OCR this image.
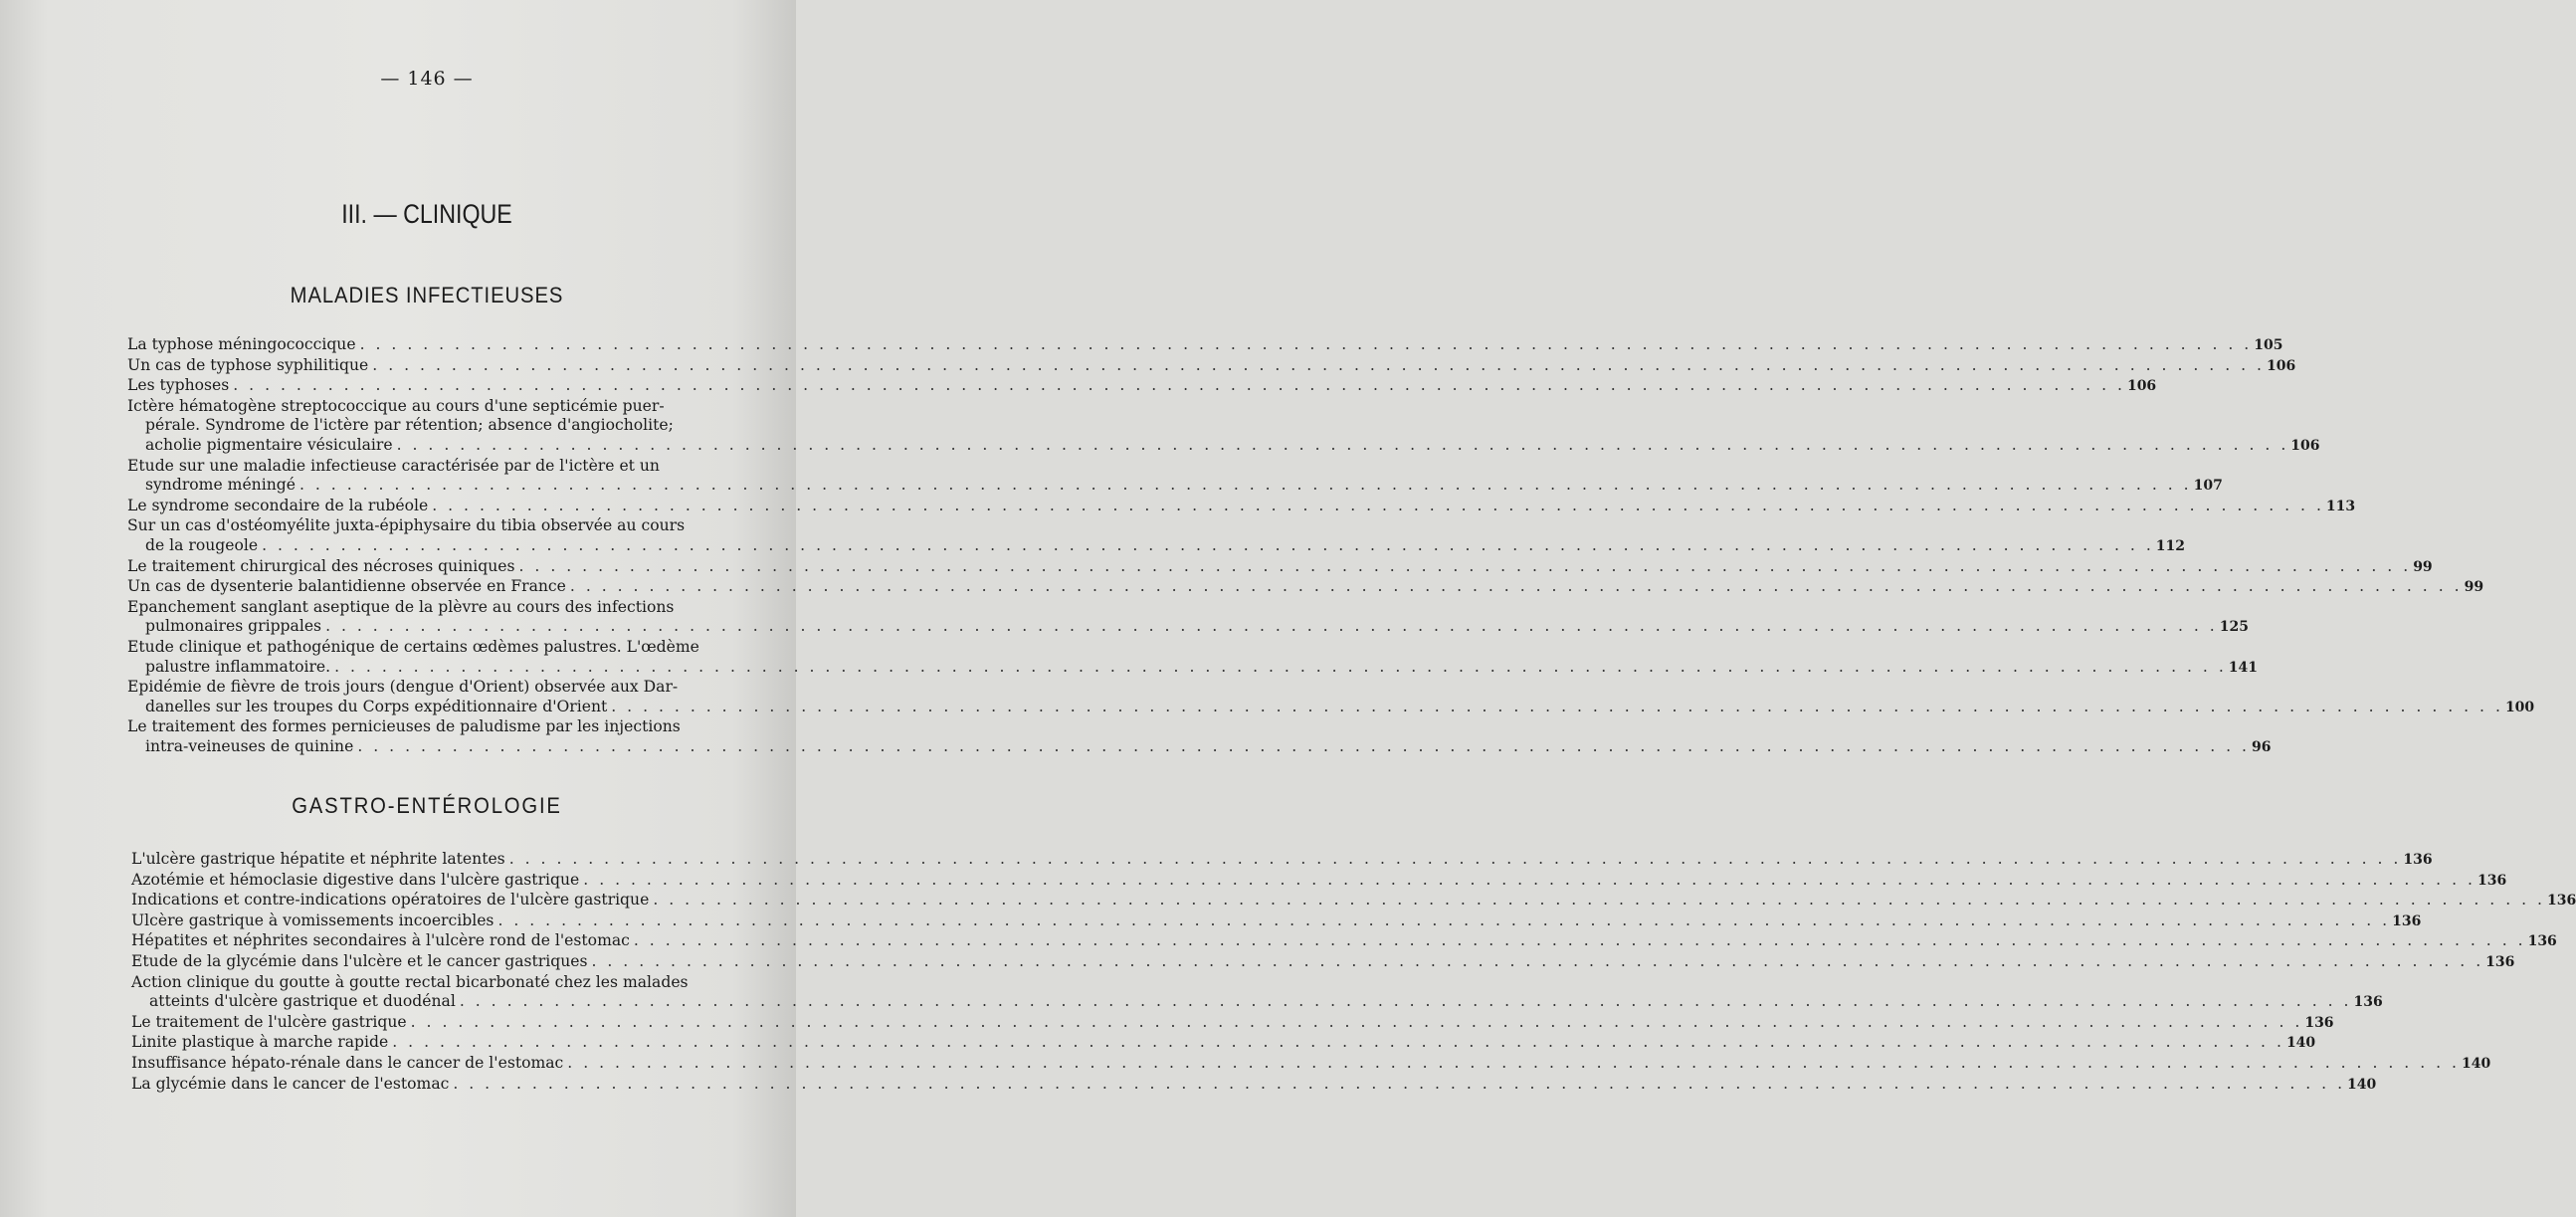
— 146 —
III. — CLINIQUE
MALADIES INFECTIEUSES
La typhose méningococcique . . . . . . . . . . . . . . . . . . . . . . . . . . . . . . . . . . . . . . . . . . . . . . . . . . . . . . . . . . . . . . . . . . . . . . . . . . . . . . . . . . . . . . . . . . . . . . . . . . . . . . . . . . . . . . . . . . . . . . . . 105
Un cas de typhose syphilitique . . . . . . . . . . . . . . . . . . . . . . . . . . . . . . . . . . . . . . . . . . . . . . . . . . . . . . . . . . . . . . . . . . . . . . . . . . . . . . . . . . . . . . . . . . . . . . . . . . . . . . . . . . . . . . . . . . . . . . . . 106
Les typhoses . . . . . . . . . . . . . . . . . . . . . . . . . . . . . . . . . . . . . . . . . . . . . . . . . . . . . . . . . . . . . . . . . . . . . . . . . . . . . . . . . . . . . . . . . . . . . . . . . . . . . . . . . . . . . . . . . . . . . . . . 106
Ictère hématogène streptococcique au cours d'une septicémie puer-
pérale. Syndrome de l'ictère par rétention; absence d'angiocholite;
acholie pigmentaire vésiculaire . . . . . . . . . . . . . . . . . . . . . . . . . . . . . . . . . . . . . . . . . . . . . . . . . . . . . . . . . . . . . . . . . . . . . . . . . . . . . . . . . . . . . . . . . . . . . . . . . . . . . . . . . . . . . . . . . . . . . . . . 106
Etude sur une maladie infectieuse caractérisée par de l'ictère et un
syndrome méningé . . . . . . . . . . . . . . . . . . . . . . . . . . . . . . . . . . . . . . . . . . . . . . . . . . . . . . . . . . . . . . . . . . . . . . . . . . . . . . . . . . . . . . . . . . . . . . . . . . . . . . . . . . . . . . . . . . . . . . . . 107
Le syndrome secondaire de la rubéole . . . . . . . . . . . . . . . . . . . . . . . . . . . . . . . . . . . . . . . . . . . . . . . . . . . . . . . . . . . . . . . . . . . . . . . . . . . . . . . . . . . . . . . . . . . . . . . . . . . . . . . . . . . . . . . . . . . . . . . . 113
Sur un cas d'ostéomyélite juxta-épiphysaire du tibia observée au cours
de la rougeole . . . . . . . . . . . . . . . . . . . . . . . . . . . . . . . . . . . . . . . . . . . . . . . . . . . . . . . . . . . . . . . . . . . . . . . . . . . . . . . . . . . . . . . . . . . . . . . . . . . . . . . . . . . . . . . . . . . . . . . . 112
Le traitement chirurgical des nécroses quiniques . . . . . . . . . . . . . . . . . . . . . . . . . . . . . . . . . . . . . . . . . . . . . . . . . . . . . . . . . . . . . . . . . . . . . . . . . . . . . . . . . . . . . . . . . . . . . . . . . . . . . . . . . . . . . . . . . . . . . . . . 99
Un cas de dysenterie balantidienne observée en France . . . . . . . . . . . . . . . . . . . . . . . . . . . . . . . . . . . . . . . . . . . . . . . . . . . . . . . . . . . . . . . . . . . . . . . . . . . . . . . . . . . . . . . . . . . . . . . . . . . . . . . . . . . . . . . . . . . . . . . . 99
Epanchement sanglant aseptique de la plèvre au cours des infections
pulmonaires grippales . . . . . . . . . . . . . . . . . . . . . . . . . . . . . . . . . . . . . . . . . . . . . . . . . . . . . . . . . . . . . . . . . . . . . . . . . . . . . . . . . . . . . . . . . . . . . . . . . . . . . . . . . . . . . . . . . . . . . . . . 125
Etude clinique et pathogénique de certains œdèmes palustres. L'œdème
palustre inflammatoire. . . . . . . . . . . . . . . . . . . . . . . . . . . . . . . . . . . . . . . . . . . . . . . . . . . . . . . . . . . . . . . . . . . . . . . . . . . . . . . . . . . . . . . . . . . . . . . . . . . . . . . . . . . . . . . . . . . . . . . . . 141
Epidémie de fièvre de trois jours (dengue d'Orient) observée aux Dar-
danelles sur les troupes du Corps expéditionnaire d'Orient . . . . . . . . . . . . . . . . . . . . . . . . . . . . . . . . . . . . . . . . . . . . . . . . . . . . . . . . . . . . . . . . . . . . . . . . . . . . . . . . . . . . . . . . . . . . . . . . . . . . . . . . . . . . . . . . . . . . . . . . 100
Le traitement des formes pernicieuses de paludisme par les injections
intra-veineuses de quinine . . . . . . . . . . . . . . . . . . . . . . . . . . . . . . . . . . . . . . . . . . . . . . . . . . . . . . . . . . . . . . . . . . . . . . . . . . . . . . . . . . . . . . . . . . . . . . . . . . . . . . . . . . . . . . . . . . . . . . . . 96
GASTRO-ENTÉROLOGIE
L'ulcère gastrique hépatite et néphrite latentes . . . . . . . . . . . . . . . . . . . . . . . . . . . . . . . . . . . . . . . . . . . . . . . . . . . . . . . . . . . . . . . . . . . . . . . . . . . . . . . . . . . . . . . . . . . . . . . . . . . . . . . . . . . . . . . . . . . . . . . . 136
Azotémie et hémoclasie digestive dans l'ulcère gastrique . . . . . . . . . . . . . . . . . . . . . . . . . . . . . . . . . . . . . . . . . . . . . . . . . . . . . . . . . . . . . . . . . . . . . . . . . . . . . . . . . . . . . . . . . . . . . . . . . . . . . . . . . . . . . . . . . . . . . . . . 136
Indications et contre-indications opératoires de l'ulcère gastrique . . . . . . . . . . . . . . . . . . . . . . . . . . . . . . . . . . . . . . . . . . . . . . . . . . . . . . . . . . . . . . . . . . . . . . . . . . . . . . . . . . . . . . . . . . . . . . . . . . . . . . . . . . . . . . . . . . . . . . . . 136
Ulcère gastrique à vomissements incoercibles . . . . . . . . . . . . . . . . . . . . . . . . . . . . . . . . . . . . . . . . . . . . . . . . . . . . . . . . . . . . . . . . . . . . . . . . . . . . . . . . . . . . . . . . . . . . . . . . . . . . . . . . . . . . . . . . . . . . . . . . 136
Hépatites et néphrites secondaires à l'ulcère rond de l'estomac . . . . . . . . . . . . . . . . . . . . . . . . . . . . . . . . . . . . . . . . . . . . . . . . . . . . . . . . . . . . . . . . . . . . . . . . . . . . . . . . . . . . . . . . . . . . . . . . . . . . . . . . . . . . . . . . . . . . . . . . 136
Etude de la glycémie dans l'ulcère et le cancer gastriques . . . . . . . . . . . . . . . . . . . . . . . . . . . . . . . . . . . . . . . . . . . . . . . . . . . . . . . . . . . . . . . . . . . . . . . . . . . . . . . . . . . . . . . . . . . . . . . . . . . . . . . . . . . . . . . . . . . . . . . . 136
Action clinique du goutte à goutte rectal bicarbonaté chez les malades
atteints d'ulcère gastrique et duodénal . . . . . . . . . . . . . . . . . . . . . . . . . . . . . . . . . . . . . . . . . . . . . . . . . . . . . . . . . . . . . . . . . . . . . . . . . . . . . . . . . . . . . . . . . . . . . . . . . . . . . . . . . . . . . . . . . . . . . . . . 136
Le traitement de l'ulcère gastrique . . . . . . . . . . . . . . . . . . . . . . . . . . . . . . . . . . . . . . . . . . . . . . . . . . . . . . . . . . . . . . . . . . . . . . . . . . . . . . . . . . . . . . . . . . . . . . . . . . . . . . . . . . . . . . . . . . . . . . . . 136
Linite plastique à marche rapide . . . . . . . . . . . . . . . . . . . . . . . . . . . . . . . . . . . . . . . . . . . . . . . . . . . . . . . . . . . . . . . . . . . . . . . . . . . . . . . . . . . . . . . . . . . . . . . . . . . . . . . . . . . . . . . . . . . . . . . . 140
Insuffisance hépato-rénale dans le cancer de l'estomac . . . . . . . . . . . . . . . . . . . . . . . . . . . . . . . . . . . . . . . . . . . . . . . . . . . . . . . . . . . . . . . . . . . . . . . . . . . . . . . . . . . . . . . . . . . . . . . . . . . . . . . . . . . . . . . . . . . . . . . . 140
La glycémie dans le cancer de l'estomac . . . . . . . . . . . . . . . . . . . . . . . . . . . . . . . . . . . . . . . . . . . . . . . . . . . . . . . . . . . . . . . . . . . . . . . . . . . . . . . . . . . . . . . . . . . . . . . . . . . . . . . . . . . . . . . . . . . . . . . . 140
